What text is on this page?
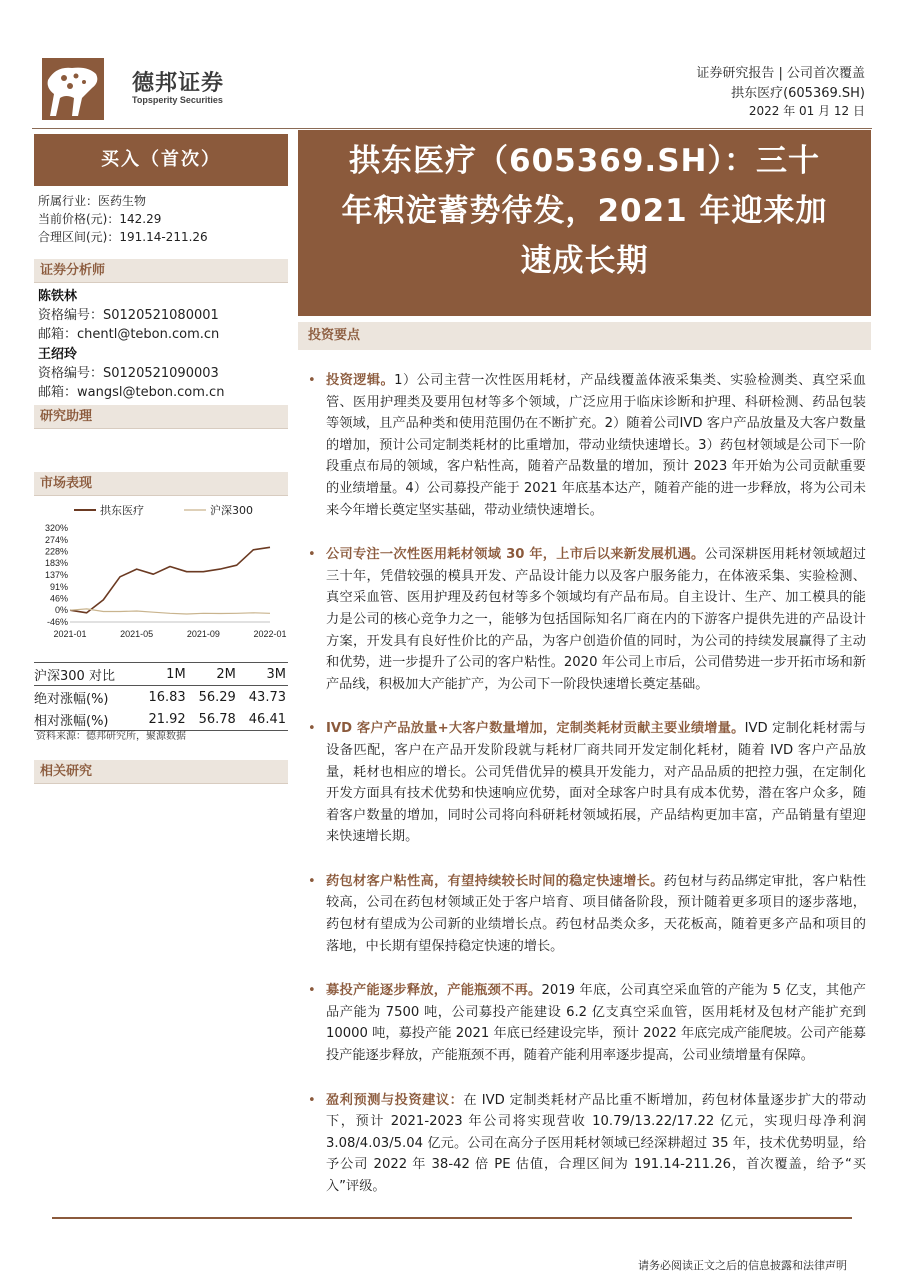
德邦证券
Topsperity Securities
证券研究报告 | 公司首次覆盖
拱东医疗(605369.SH)
2022 年 01 月 12 日
买入（首次）
所属行业：医药生物
当前价格(元)：142.29
合理区间(元)：191.14-211.26
证券分析师
陈铁林
资格编号：S0120521080001
邮箱：chentl@tebon.com.cn
王绍玲
资格编号：S0120521090003
邮箱：wangsl@tebon.com.cn
研究助理
市场表现
拱东医疗	沪深300
320%
274%
228%
183%
137%
91%
46%
0%
-46%
2021-01	2021-05	2021-09	2022-01
沪深300 对比	1M	2M	3M
绝对涨幅(%)	16.83	56.29	43.73
相对涨幅(%)	21.92	56.78	46.41
资料来源：德邦研究所，聚源数据
相关研究
拱东医疗（605369.SH）：三十
年积淀蓄势待发，2021 年迎来加
速成长期
投资要点
• 投资逻辑。1）公司主营一次性医用耗材，产品线覆盖体液采集类、实验检测类、真空采血管、医用护理类及要用包材等多个领域，广泛应用于临床诊断和护理、科研检测、药品包装等领域，且产品种类和使用范围仍在不断扩充。2）随着公司IVD 客户产品放量及大客户数量的增加，预计公司定制类耗材的比重增加，带动业绩快速增长。3）药包材领域是公司下一阶段重点布局的领域，客户粘性高，随着产品数量的增加，预计 2023 年开始为公司贡献重要的业绩增量。4）公司募投产能于 2021 年底基本达产，随着产能的进一步释放，将为公司未来今年增长奠定坚实基础，带动业绩快速增长。
• 公司专注一次性医用耗材领域 30 年，上市后以来新发展机遇。公司深耕医用耗材领域超过三十年，凭借较强的模具开发、产品设计能力以及客户服务能力，在体液采集、实验检测、真空采血管、医用护理及药包材等多个领域均有产品布局。自主设计、生产、加工模具的能力是公司的核心竞争力之一，能够为包括国际知名厂商在内的下游客户提供先进的产品设计方案，开发具有良好性价比的产品，为客户创造价值的同时，为公司的持续发展赢得了主动和优势，进一步提升了公司的客户粘性。2020 年公司上市后，公司借势进一步开拓市场和新产品线，积极加大产能扩产，为公司下一阶段快速增长奠定基础。
• IVD 客户产品放量+大客户数量增加，定制类耗材贡献主要业绩增量。IVD 定制化耗材需与设备匹配，客户在产品开发阶段就与耗材厂商共同开发定制化耗材，随着 IVD 客户产品放量，耗材也相应的增长。公司凭借优异的模具开发能力，对产品品质的把控力强，在定制化开发方面具有技术优势和快速响应优势，面对全球客户时具有成本优势，潜在客户众多，随着客户数量的增加，同时公司将向科研耗材领域拓展，产品结构更加丰富，产品销量有望迎来快速增长期。
• 药包材客户粘性高，有望持续较长时间的稳定快速增长。药包材与药品绑定审批，客户粘性较高，公司在药包材领域正处于客户培育、项目储备阶段，预计随着更多项目的逐步落地，药包材有望成为公司新的业绩增长点。药包材品类众多，天花板高，随着更多产品和项目的落地，中长期有望保持稳定快速的增长。
• 募投产能逐步释放，产能瓶颈不再。2019 年底，公司真空采血管的产能为 5 亿支，其他产品产能为 7500 吨，公司募投产能建设 6.2 亿支真空采血管，医用耗材及包材产能扩充到 10000 吨，募投产能 2021 年底已经建设完毕，预计 2022 年底完成产能爬坡。公司产能募投产能逐步释放，产能瓶颈不再，随着产能利用率逐步提高，公司业绩增量有保障。
• 盈利预测与投资建议：在 IVD 定制类耗材产品比重不断增加，药包材体量逐步扩大的带动下，预计 2021-2023 年公司将实现营收 10.79/13.22/17.22 亿元，实现归母净利润 3.08/4.03/5.04 亿元。公司在高分子医用耗材领域已经深耕超过 35 年，技术优势明显，给予公司 2022 年 38-42 倍 PE 估值，合理区间为 191.14-211.26，首次覆盖，给予“买入”评级。
请务必阅读正文之后的信息披露和法律声明
